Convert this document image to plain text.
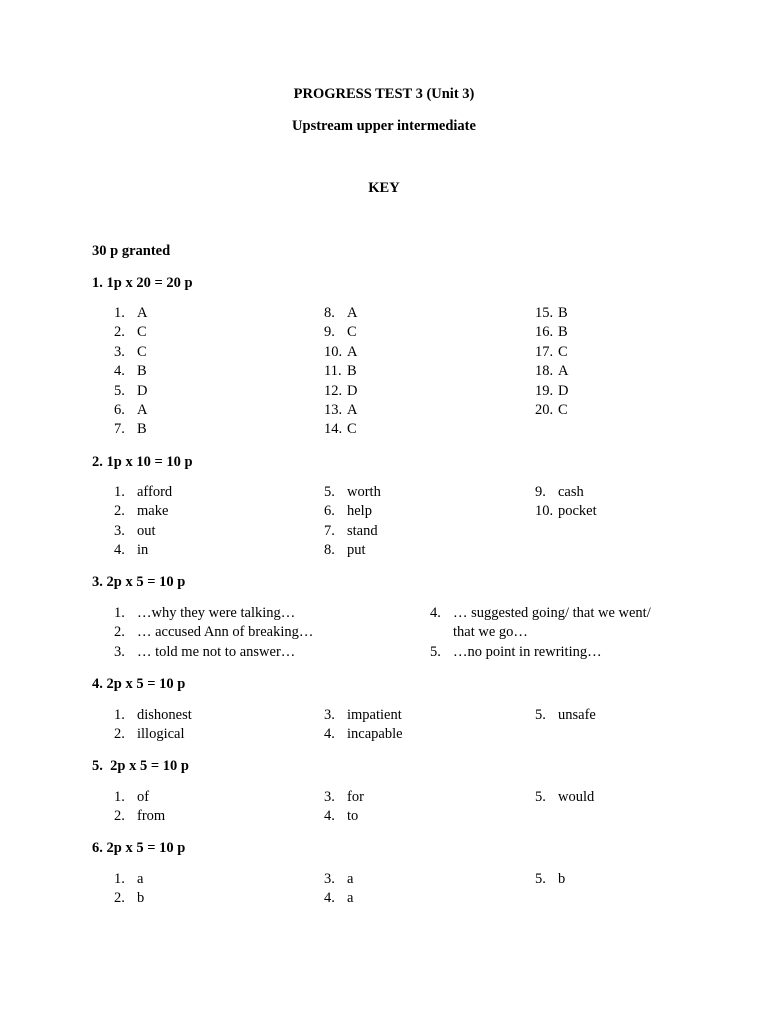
PROGRESS TEST 3 (Unit 3)
Upstream upper intermediate
KEY
30 p granted
1. 1p x 20 = 20 p
1. A
2. C
3. C
4. B
5. D
6. A
7. B
8. A
9. C
10. A
11. B
12. D
13. A
14. C
15. B
16. B
17. C
18. A
19. D
20. C
2. 1p x 10 = 10 p
1. afford
2. make
3. out
4. in
5. worth
6. help
7. stand
8. put
9. cash
10. pocket
3. 2p x 5 = 10 p
1. …why they were talking…
2. … accused Ann of breaking…
3. … told me not to answer…
4. … suggested going/ that we went/
that we go…
5. …no point in rewriting…
4. 2p x 5 = 10 p
1. dishonest
2. illogical
3. impatient
4. incapable
5. unsafe
5.  2p x 5 = 10 p
1. of
2. from
3. for
4. to
5. would
6. 2p x 5 = 10 p
1. a
2. b
3. a
4. a
5. b
